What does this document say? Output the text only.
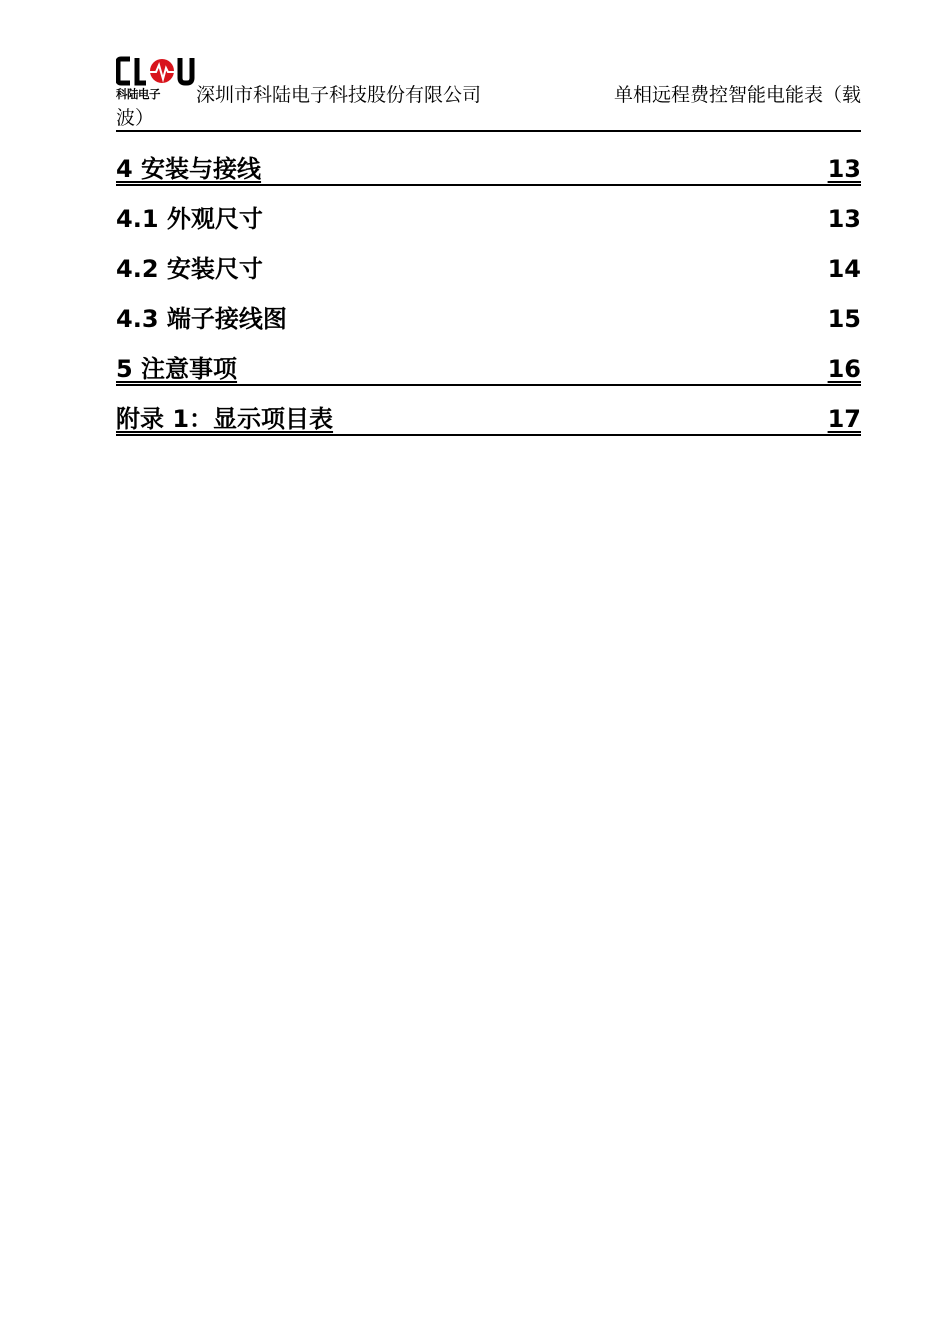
科陆电子 深圳市科陆电子科技股份有限公司	单相远程费控智能电能表（载
波）
4 安装与接线	13
4.1 外观尺寸	13
4.2 安装尺寸	14
4.3 端子接线图	15
5 注意事项	16
附录 1：显示项目表	17
